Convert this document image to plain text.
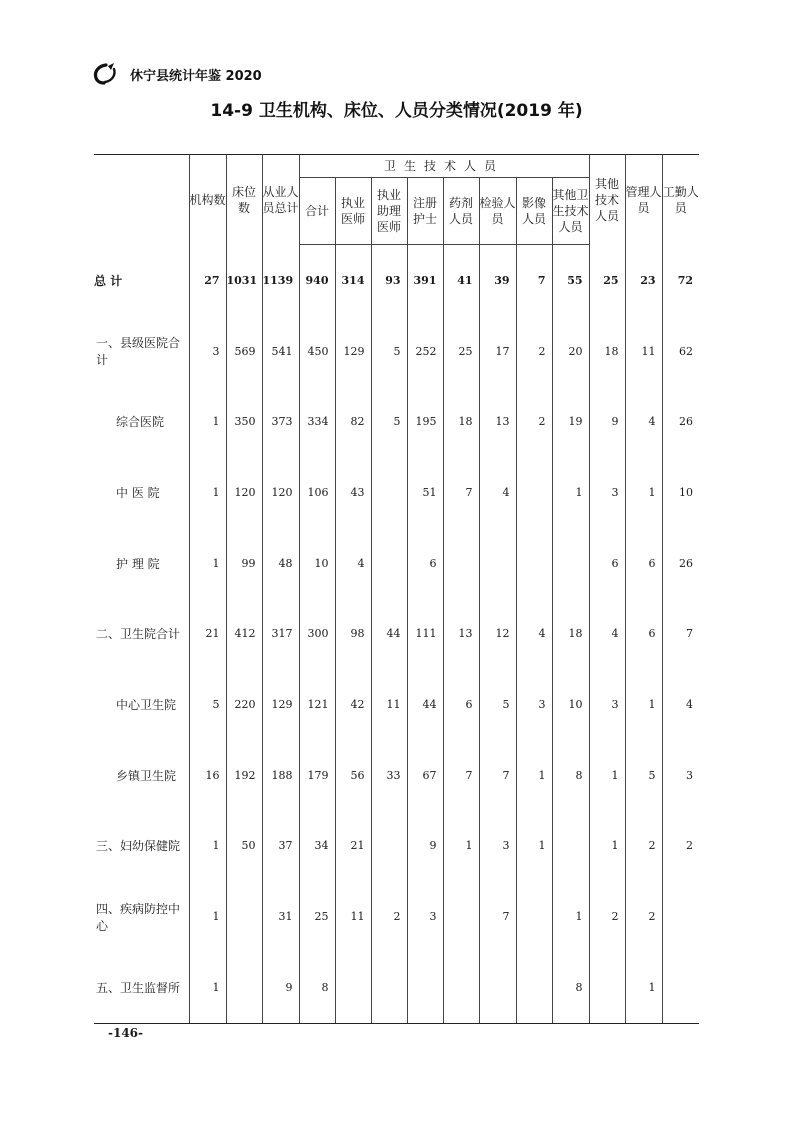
休宁县统计年鉴 2020
14-9 卫生机构、床位、人员分类情况(2019 年)
	机构数	床位数	从业人员总计	卫生技术人员								其他技术人员	管理人员	工勤人员
				合计	执业医师	执业助理医师	注册护士	药剂人员	检验人员	影像人员	其他卫生技术人员			
总 计	27	1031	1139	940	314	93	391	41	39	7	55	25	23	72
一、县级医院合计	3	569	541	450	129	5	252	25	17	2	20	18	11	62
综合医院	1	350	373	334	82	5	195	18	13	2	19	9	4	26
中 医 院	1	120	120	106	43		51	7	4		1	3	1	10
护 理 院	1	99	48	10	4		6					6	6	26
二、卫生院合计	21	412	317	300	98	44	111	13	12	4	18	4	6	7
中心卫生院	5	220	129	121	42	11	44	6	5	3	10	3	1	4
乡镇卫生院	16	192	188	179	56	33	67	7	7	1	8	1	5	3
三、妇幼保健院	1	50	37	34	21		9	1	3	1		1	2	2
四、疾病防控中心	1		31	25	11	2	3		7		1	2	2	
五、卫生监督所	1		9	8							8		1	
-146-
